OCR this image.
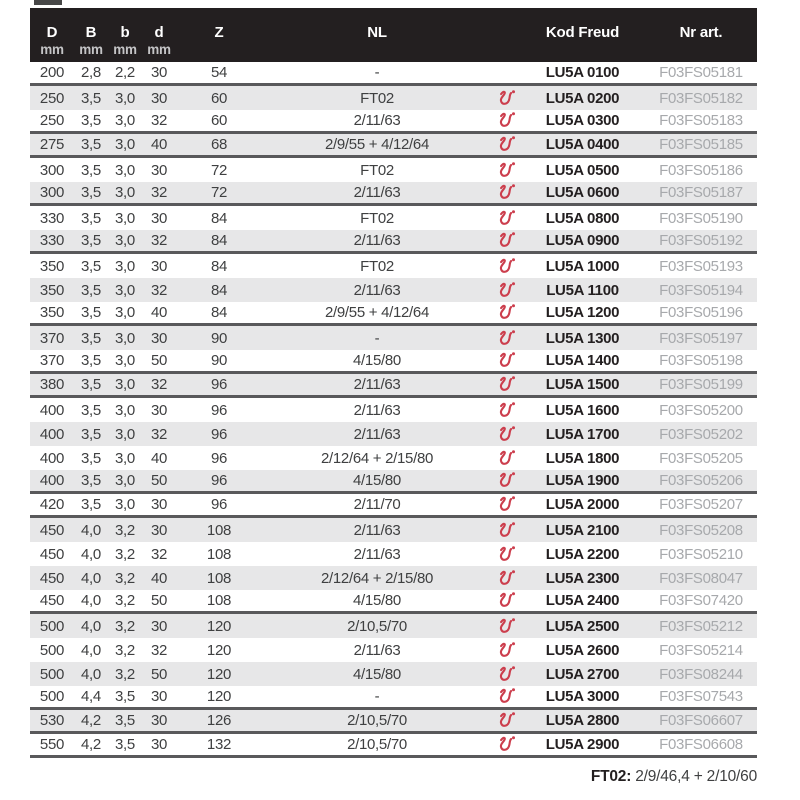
D	B	b	d	Z	NL	Kod Freud	Nr art.
mm	mm mm mm
200	2,8 2,2	30	54	-	LU5A 0100	F03FS05181
250	3,5 3,0	30	60	FT02	LU5A 0200	F03FS05182
250	3,5 3,0	32	60	2/11/63	LU5A 0300	F03FS05183
275	3,5 3,0	40	68	2/9/55 + 4/12/64	LU5A 0400	F03FS05185
300	3,5 3,0	30	72	FT02	LU5A 0500	F03FS05186
300	3,5 3,0	32	72	2/11/63	LU5A 0600	F03FS05187
330	3,5 3,0	30	84	FT02	LU5A 0800	F03FS05190
330	3,5 3,0	32	84	2/11/63	LU5A 0900	F03FS05192
350	3,5 3,0	30	84	FT02	LU5A 1000	F03FS05193
350	3,5 3,0	32	84	2/11/63	LU5A 1100	F03FS05194
350	3,5 3,0	40	84	2/9/55 + 4/12/64	LU5A 1200	F03FS05196
370	3,5 3,0	30	90	-	LU5A 1300	F03FS05197
370	3,5 3,0	50	90	4/15/80	LU5A 1400	F03FS05198
380	3,5 3,0	32	96	2/11/63	LU5A 1500	F03FS05199
400	3,5 3,0	30	96	2/11/63	LU5A 1600	F03FS05200
400	3,5 3,0	32	96	2/11/63	LU5A 1700	F03FS05202
400	3,5 3,0	40	96	2/12/64 + 2/15/80	LU5A 1800	F03FS05205
400	3,5 3,0	50	96	4/15/80	LU5A 1900	F03FS05206
420	3,5 3,0	30	96	2/11/70	LU5A 2000	F03FS05207
450	4,0 3,2	30	108	2/11/63	LU5A 2100	F03FS05208
450	4,0 3,2	32	108	2/11/63	LU5A 2200	F03FS05210
450	4,0 3,2	40	108	2/12/64 + 2/15/80	LU5A 2300	F03FS08047
450	4,0 3,2	50	108	4/15/80	LU5A 2400	F03FS07420
500	4,0 3,2	30	120	2/10,5/70	LU5A 2500	F03FS05212
500	4,0 3,2	32	120	2/11/63	LU5A 2600	F03FS05214
500	4,0 3,2	50	120	4/15/80	LU5A 2700	F03FS08244
500	4,4 3,5	30	120	-	LU5A 3000	F03FS07543
530	4,2 3,5	30	126	2/10,5/70	LU5A 2800	F03FS06607
550	4,2 3,5	30	132	2/10,5/70	LU5A 2900	F03FS06608
FT02: 2/9/46,4 + 2/10/60
